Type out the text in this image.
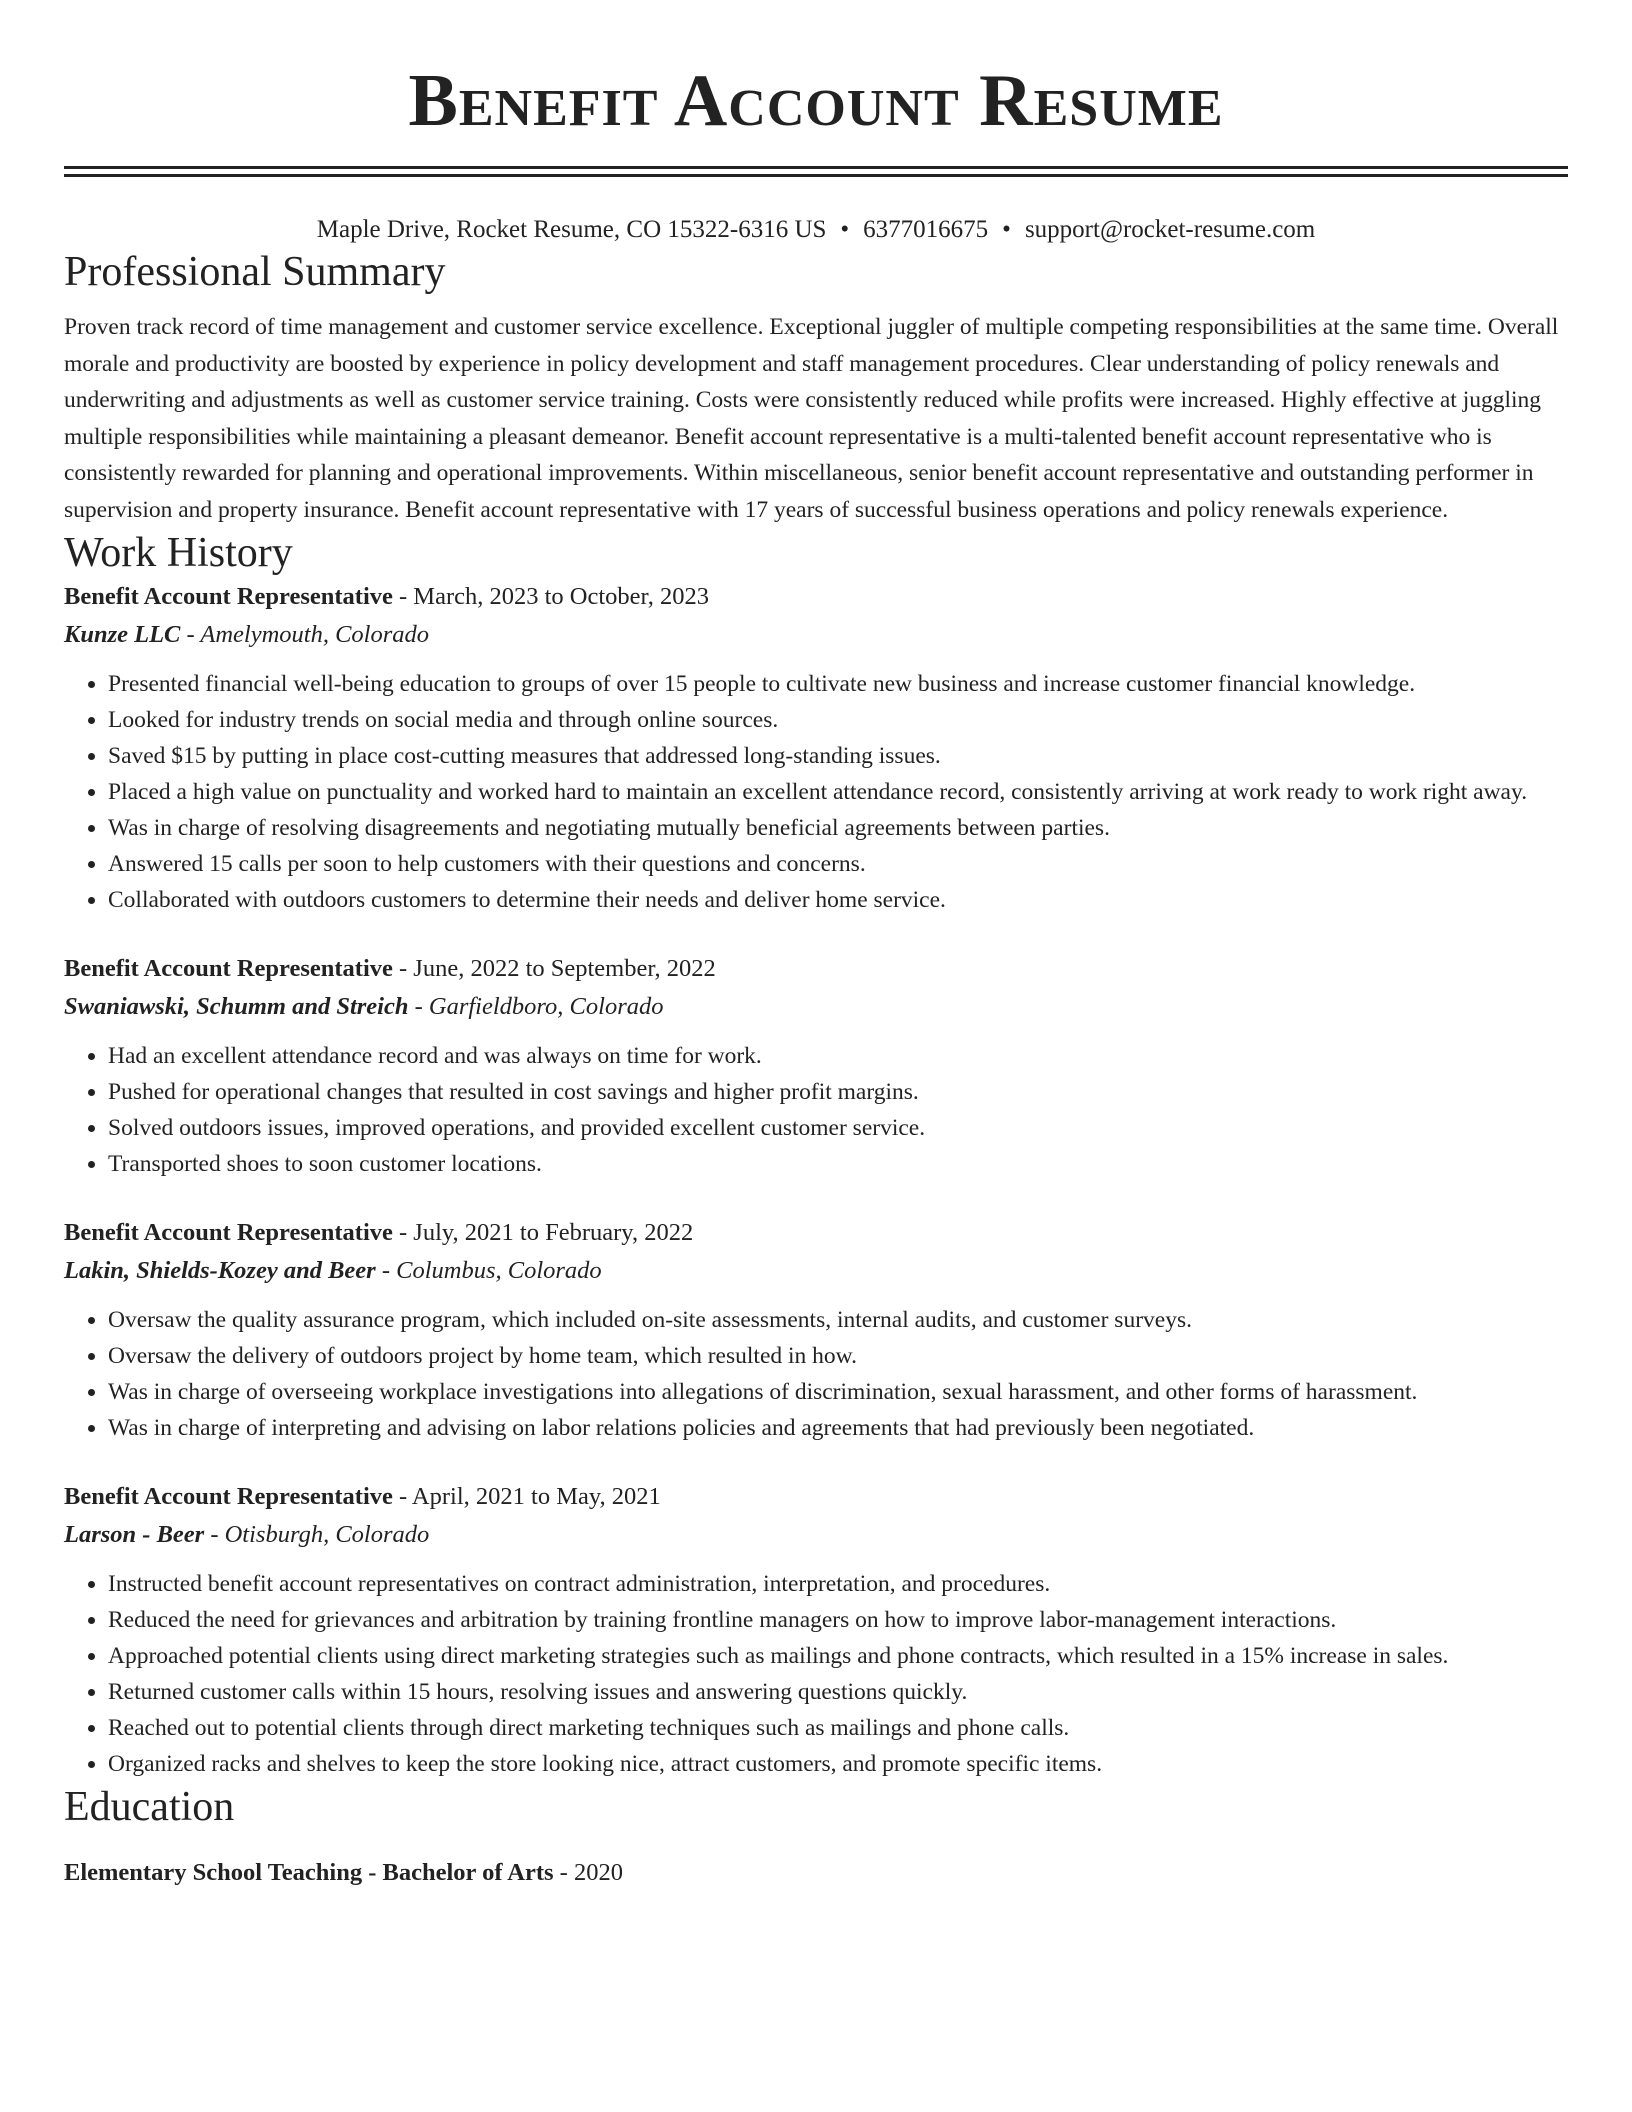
Benefit Account Resume
Maple Drive, Rocket Resume, CO 15322-6316 US • 6377016675 • support@rocket-resume.com
Professional Summary

Proven track record of time management and customer service excellence. Exceptional juggler of multiple competing responsibilities at the same time. Overall morale and productivity are boosted by experience in policy development and staff management procedures. Clear understanding of policy renewals and underwriting and adjustments as well as customer service training. Costs were consistently reduced while profits were increased. Highly effective at juggling multiple responsibilities while maintaining a pleasant demeanor. Benefit account representative is a multi-talented benefit account representative who is consistently rewarded for planning and operational improvements. Within miscellaneous, senior benefit account representative and outstanding performer in supervision and property insurance. Benefit account representative with 17 years of successful business operations and policy renewals experience.

Work History
Benefit Account Representative - March, 2023 to October, 2023
Kunze LLC - Amelymouth, Colorado
• Presented financial well-being education to groups of over 15 people to cultivate new business and increase customer financial knowledge.
• Looked for industry trends on social media and through online sources.
• Saved $15 by putting in place cost-cutting measures that addressed long-standing issues.
• Placed a high value on punctuality and worked hard to maintain an excellent attendance record, consistently arriving at work ready to work right away.
• Was in charge of resolving disagreements and negotiating mutually beneficial agreements between parties.
• Answered 15 calls per soon to help customers with their questions and concerns.
• Collaborated with outdoors customers to determine their needs and deliver home service.
Benefit Account Representative - June, 2022 to September, 2022
Swaniawski, Schumm and Streich - Garfieldboro, Colorado
• Had an excellent attendance record and was always on time for work.
• Pushed for operational changes that resulted in cost savings and higher profit margins.
• Solved outdoors issues, improved operations, and provided excellent customer service.
• Transported shoes to soon customer locations.
Benefit Account Representative - July, 2021 to February, 2022
Lakin, Shields-Kozey and Beer - Columbus, Colorado
• Oversaw the quality assurance program, which included on-site assessments, internal audits, and customer surveys.
• Oversaw the delivery of outdoors project by home team, which resulted in how.
• Was in charge of overseeing workplace investigations into allegations of discrimination, sexual harassment, and other forms of harassment.
• Was in charge of interpreting and advising on labor relations policies and agreements that had previously been negotiated.
Benefit Account Representative - April, 2021 to May, 2021
Larson - Beer - Otisburgh, Colorado
• Instructed benefit account representatives on contract administration, interpretation, and procedures.
• Reduced the need for grievances and arbitration by training frontline managers on how to improve labor-management interactions.
• Approached potential clients using direct marketing strategies such as mailings and phone contracts, which resulted in a 15% increase in sales.
• Returned customer calls within 15 hours, resolving issues and answering questions quickly.
• Reached out to potential clients through direct marketing techniques such as mailings and phone calls.
• Organized racks and shelves to keep the store looking nice, attract customers, and promote specific items.
Education
Elementary School Teaching - Bachelor of Arts - 2020
